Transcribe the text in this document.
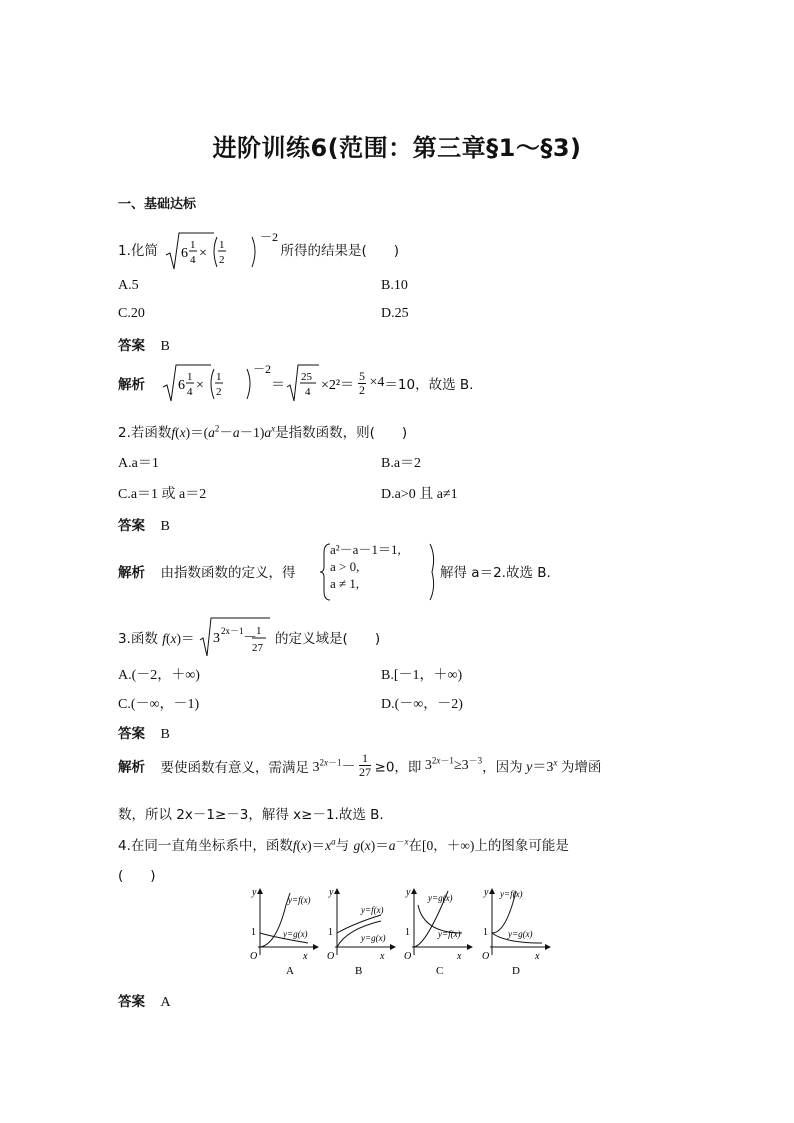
进阶训练6(范围：第三章§1～§3)
一、基础达标
1.化简 6
1
4 ×
1
2
－2
所得的结果是(　　)
A.5	B.10
C.20	D.25
答案 B
解析 6
1
4 ×
1
2
－2
＝
25
4 ×2²＝
$\frac{5}{2} \times 4=10$，故选 B.
2.若函数$f(x)=(a^2-a-1)a^x$是指数函数，则(　　)
A.a＝1	B.a＝2
C.a＝1 或 a＝2	D.a>0 且 a≠1
答案 B
解析 由指数函数的定义，得
a²－a－1＝1,
a > 0,
a ≠ 1,
解得 a＝2.故选 B.
3.函数 f(x)＝ 3 2x－1 － 1
27
的定义域是(　　)
A.(－2，＋∞)	B.[－1，＋∞)
C.(－∞，－1)	D.(－∞，－2)
答案 B
解析 要使函数有意义，需满足 $3^{2x-1}- \frac{1}{27} \ge 0$，即 $3^{2x-1}\ge 3^{-3}$，因为 $y=3^x$ 为增函
数，所以 2x－1≥－3，解得 x≥－1.故选 B.
4.在同一直角坐标系中，函数$f(x)=x^a$与 $g(x)=a^{-x}$在[0，＋∞)上的图象可能是
(　　)
y
1
O	x
y=f(x)
y=g(x)
A
y
1
O	x
y=f(x)
y=g(x)
B
y
1
O	x
y=g(x)
y=f(x)
C
y
1
O	x
y=f(x)
y=g(x)
D
答案 A
